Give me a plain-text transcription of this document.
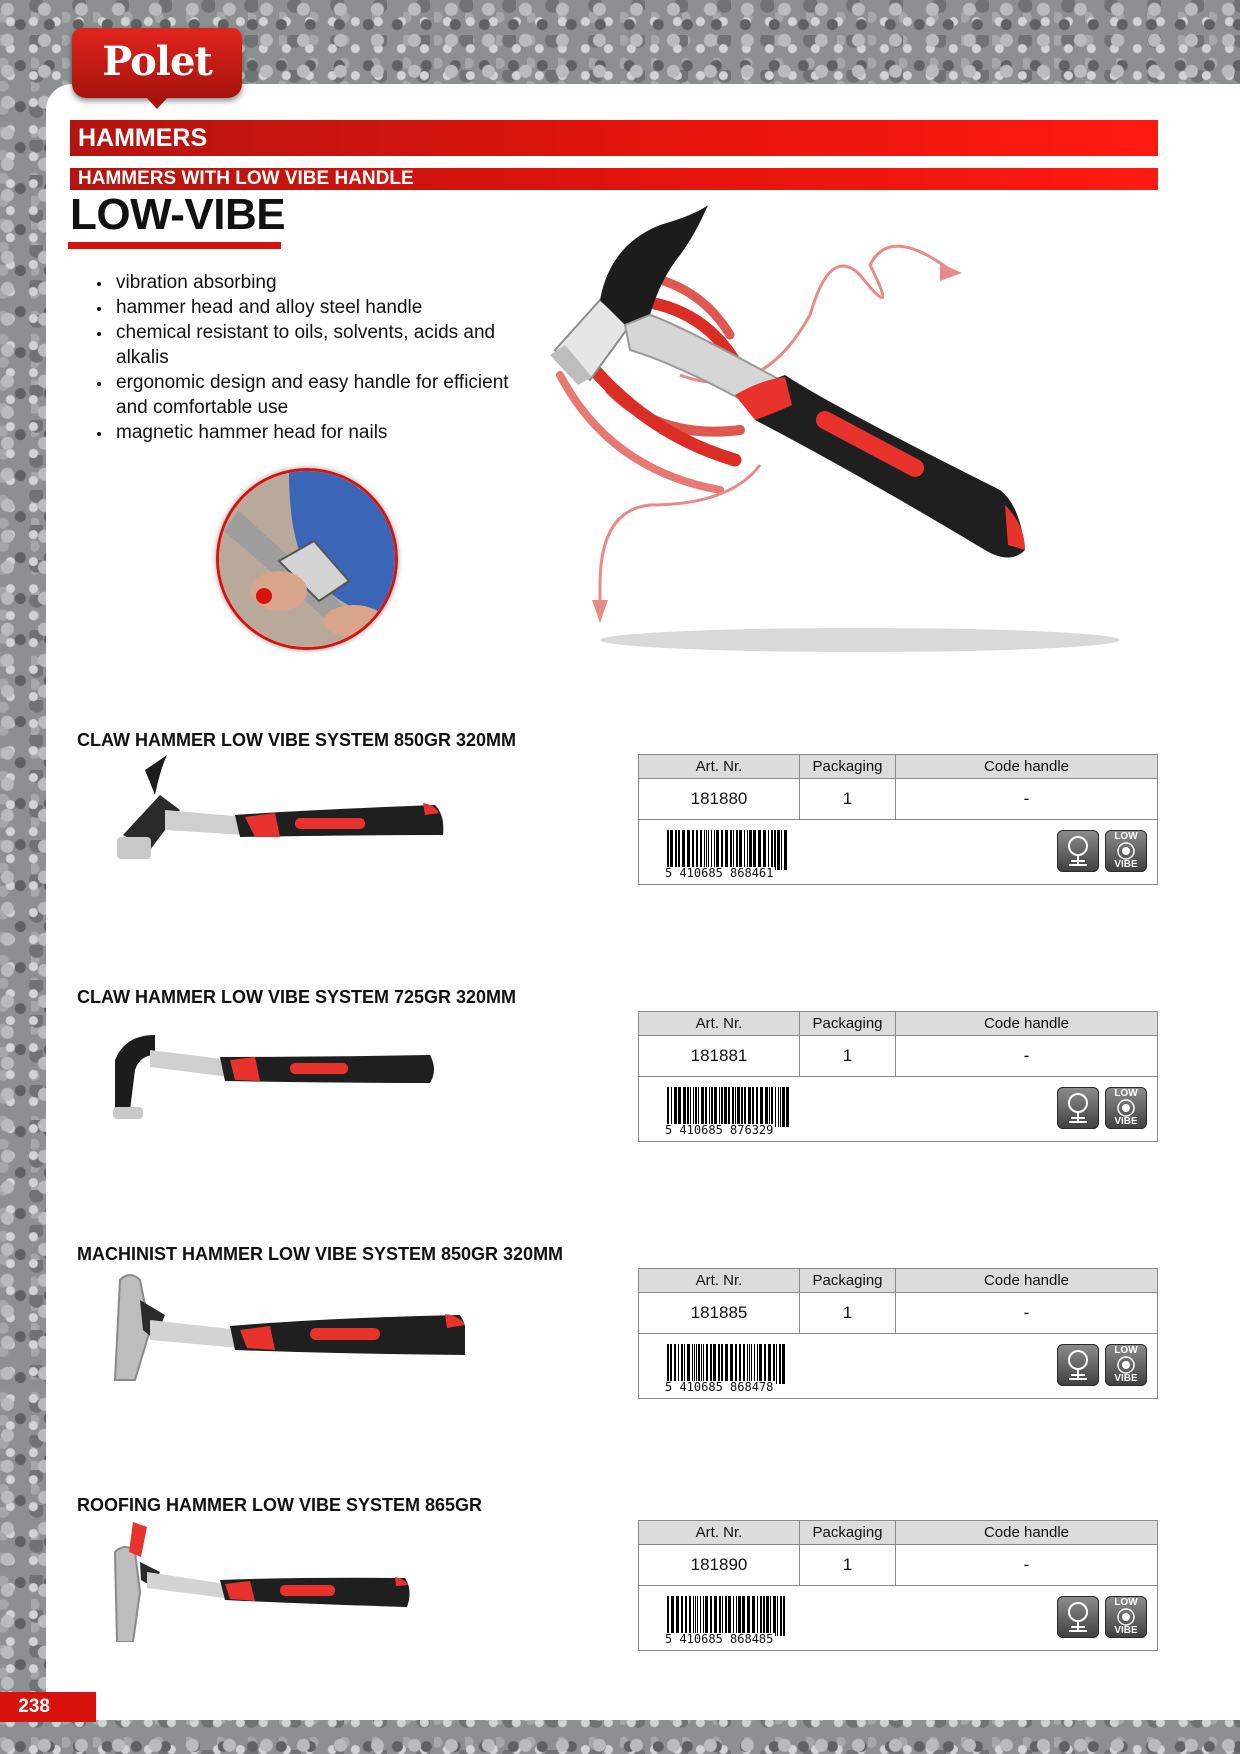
Polet
HAMMERS
HAMMERS WITH LOW VIBE HANDLE
LOW-VIBE
• vibration absorbing
• hammer head and alloy steel handle
• chemical resistant to oils, solvents, acids and alkalis
• ergonomic design and easy handle for efficient and comfortable use
• magnetic hammer head for nails
CLAW HAMMER LOW VIBE SYSTEM 850GR 320MM
Art. Nr.	Packaging	Code handle
181880	1	-

5 410685 868461
LOW
VIBE		
CLAW HAMMER LOW VIBE SYSTEM 725GR 320MM
Art. Nr.	Packaging	Code handle
181881	1	-

5 410685 876329
LOW
VIBE		
MACHINIST HAMMER LOW VIBE SYSTEM 850GR 320MM
Art. Nr.	Packaging	Code handle
181885	1	-

5 410685 868478
LOW
VIBE		
ROOFING HAMMER LOW VIBE SYSTEM 865GR
Art. Nr.	Packaging	Code handle
181890	1	-

5 410685 868485
LOW
VIBE		
238
